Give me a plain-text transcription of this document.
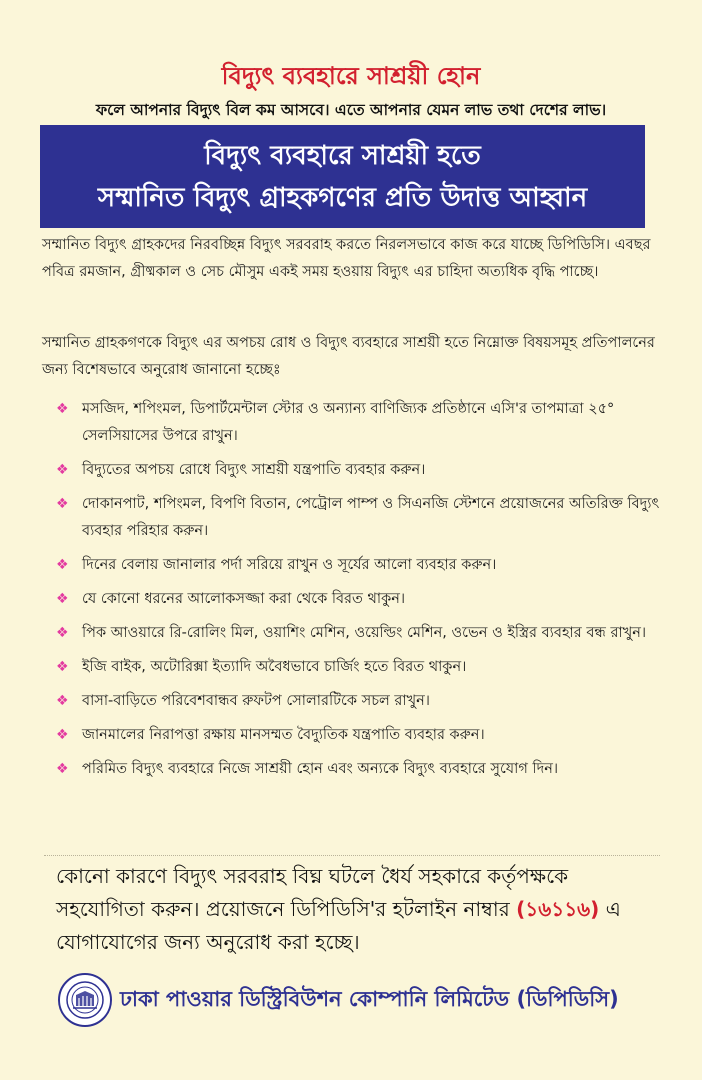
বিদ্যুৎ ব্যবহারে সাশ্রয়ী হোন
ফলে আপনার বিদ্যুৎ বিল কম আসবে। এতে আপনার যেমন লাভ তথা দেশের লাভ।
বিদ্যুৎ ব্যবহারে সাশ্রয়ী হতে
সম্মানিত বিদ্যুৎ গ্রাহকগণের প্রতি উদাত্ত আহ্বান
সম্মানিত বিদ্যুৎ গ্রাহকদের নিরবচ্ছিন্ন বিদ্যুৎ সরবরাহ করতে নিরলসভাবে কাজ করে যাচ্ছে ডিপিডিসি। এবছর পবিত্র রমজান, গ্রীষ্মকাল ও সেচ মৌসুম একই সময় হওয়ায় বিদ্যুৎ এর চাহিদা অত্যধিক বৃদ্ধি পাচ্ছে।
সম্মানিত গ্রাহকগণকে বিদ্যুৎ এর অপচয় রোধ ও বিদ্যুৎ ব্যবহারে সাশ্রয়ী হতে নিম্নোক্ত বিষয়সমূহ প্রতিপালনের জন্য বিশেষভাবে অনুরোধ জানানো হচ্ছেঃ
❖ মসজিদ, শপিংমল, ডিপার্টমেন্টাল স্টোর ও অন্যান্য বাণিজ্যিক প্রতিষ্ঠানে এসি'র তাপমাত্রা ২৫° সেলসিয়াসের উপরে রাখুন।
❖ বিদ্যুতের অপচয় রোধে বিদ্যুৎ সাশ্রয়ী যন্ত্রপাতি ব্যবহার করুন।
❖ দোকানপাট, শপিংমল, বিপণি বিতান, পেট্রোল পাম্প ও সিএনজি স্টেশনে প্রয়োজনের অতিরিক্ত বিদ্যুৎ ব্যবহার পরিহার করুন।
❖ দিনের বেলায় জানালার পর্দা সরিয়ে রাখুন ও সূর্যের আলো ব্যবহার করুন।
❖ যে কোনো ধরনের আলোকসজ্জা করা থেকে বিরত থাকুন।
❖ পিক আওয়ারে রি-রোলিং মিল, ওয়াশিং মেশিন, ওয়েল্ডিং মেশিন, ওভেন ও ইস্ত্রির ব্যবহার বন্ধ রাখুন।
❖ ইজি বাইক, অটোরিক্সা ইত্যাদি অবৈধভাবে চার্জিং হতে বিরত থাকুন।
❖ বাসা-বাড়িতে পরিবেশবান্ধব রুফটপ সোলারটিকে সচল রাখুন।
❖ জানমালের নিরাপত্তা রক্ষায় মানসম্মত বৈদ্যুতিক যন্ত্রপাতি ব্যবহার করুন।
❖ পরিমিত বিদ্যুৎ ব্যবহারে নিজে সাশ্রয়ী হোন এবং অন্যকে বিদ্যুৎ ব্যবহারে সুযোগ দিন।
কোনো কারণে বিদ্যুৎ সরবরাহ বিঘ্ন ঘটলে ধৈর্য সহকারে কর্তৃপক্ষকে সহযোগিতা করুন। প্রয়োজনে ডিপিডিসি'র হটলাইন নাম্বার (১৬১১৬) এ যোগাযোগের জন্য অনুরোধ করা হচ্ছে।
ঢাকা পাওয়ার ডিস্ট্রিবিউশন কোম্পানি লিমিটেড (ডিপিডিসি)
